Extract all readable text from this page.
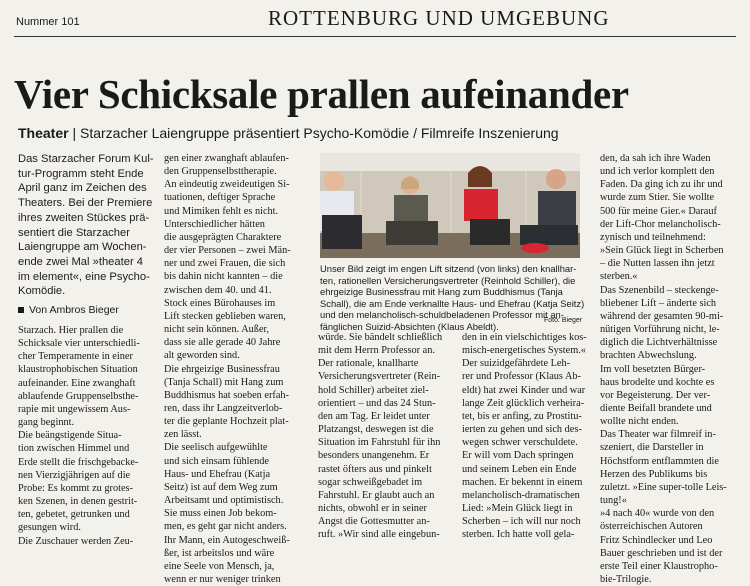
Nummer 101	ROTTENBURG UND UMGEBUNG
Vier Schicksale prallen aufeinander
Theater | Starzacher Laiengruppe präsentiert Psycho-Komödie / Filmreife Inszenierung
Das Starzacher Forum Kul-
tur-Programm steht Ende
April ganz im Zeichen des
Theaters. Bei der Premiere
ihres zweiten Stückes prä-
sentiert die Starzacher
Laiengruppe am Wochen-
ende zwei Mal »theater 4
im element«, eine Psycho-
Komödie.
Von Ambros Bieger
Starzach. Hier prallen die
Schicksale vier unterschiedli-
cher Temperamente in einer
klaustrophobischen Situation
aufeinander. Eine zwanghaft
ablaufende Gruppenselbsthe-
rapie mit ungewissem Aus-
gang beginnt.
Die beängstigende Situa-
tion zwischen Himmel und
Erde stellt die frischgebacke-
nen Vierzigjährigen auf die
Probe: Es kommt zu grotes-
ken Szenen, in denen gestrit-
ten, gebetet, getrunken und
gesungen wird.
Die Zuschauer werden Zeu-
gen einer zwanghaft ablaufen-
den Gruppenselbsttherapie.
An eindeutig zweideutigen Si-
tuationen, deftiger Sprache
und Mimiken fehlt es nicht.
Unterschiedlicher hätten
die ausgeprägten Charaktere
der vier Personen – zwei Män-
ner und zwei Frauen, die sich
bis dahin nicht kannten – die
zwischen dem 40. und 41.
Stock eines Bürohauses im
Lift stecken geblieben waren,
nicht sein können. Außer,
dass sie alle gerade 40 Jahre
alt geworden sind.
Die ehrgeizige Businessfrau
(Tanja Schall) mit Hang zum
Buddhismus hat soeben erfah-
ren, dass ihr Langzeitverlob-
ter die geplante Hochzeit plat-
zen lässt.
Die seelisch aufgewühlte
und sich einsam fühlende
Haus- und Ehefrau (Katja
Seitz) ist auf dem Weg zum
Arbeitsamt und optimistisch.
Sie muss einen Job bekom-
men, es geht gar nicht anders.
Ihr Mann, ein Autogeschweiß-
ßer, ist arbeitslos und wäre
eine Seele von Mensch, ja,
wenn er nur weniger trinken
würde. Sie bändelt schließlich
mit dem Herrn Professor an.
Der rationale, knallharte
Versicherungsvertreter (Rein-
hold Schiller) arbeitet ziel-
orientiert – und das 24 Stun-
den am Tag. Er leidet unter
Platzangst, deswegen ist die
Situation im Fahrstuhl für ihn
besonders unangenehm. Er
rastet öfters aus und pinkelt
sogar schweißgebadet im
Fahrstuhl. Er glaubt auch an
nichts, obwohl er in seiner
Angst die Gottesmutter an-
ruft. »Wir sind alle eingebun-
den in ein vielschichtiges kos-
misch-energetisches System.«
Der suizidgefährdete Leh-
rer und Professor (Klaus Ab-
eldt) hat zwei Kinder und war
lange Zeit glücklich verheira-
tet, bis er anfing, zu Prostitu-
ierten zu gehen und sich des-
wegen schwer verschuldete.
Er will vom Dach springen
und seinem Leben ein Ende
machen. Er bekennt in einem
melancholisch-dramatischen
Lied: »Mein Glück liegt in
Scherben – ich will nur noch
sterben. Ich hatte voll gela-
den, da sah ich ihre Waden
und ich verlor komplett den
Faden. Da ging ich zu ihr und
wurde zum Stier. Sie wollte
500 für meine Gier.« Darauf
der Lift-Chor melancholisch-
zynisch und teilnehmend:
»Sein Glück liegt in Scherben
– die Nutten lassen ihn jetzt
sterben.«
Das Szenenbild – steckenge-
bliebener Lift – änderte sich
während der gesamten 90-mi-
nütigen Vorführung nicht, le-
diglich die Lichtverhältnisse
brachten Abwechslung.
Im voll besetzten Bürger-
haus brodelte und kochte es
vor Begeisterung. Der ver-
diente Beifall brandete und
wollte nicht enden.
Das Theater war filmreif in-
szeniert, die Darsteller in
Höchstform entflammten die
Herzen des Publikums bis
zuletzt. »Eine super-tolle Leis-
tung!«
»4 nach 40« wurde von den
österreichischen Autoren
Fritz Schindlecker und Leo
Bauer geschrieben und ist der
erste Teil einer Klaustropho-
bie-Trilogie.
Unser Bild zeigt im engen Lift sitzend (von links) den knallhar-
ten, rationellen Versicherungsvertreter (Reinhold Schiller), die
ehrgeizige Businessfrau mit Hang zum Buddhismus (Tanja
Schall), die am Ende verknallte Haus- und Ehefrau (Katja Seitz)
und den melancholisch-schuldbeladenen Professor mit an-
fänglichen Suizid-Absichten (Klaus Abeldt).
Foto: Bieger
